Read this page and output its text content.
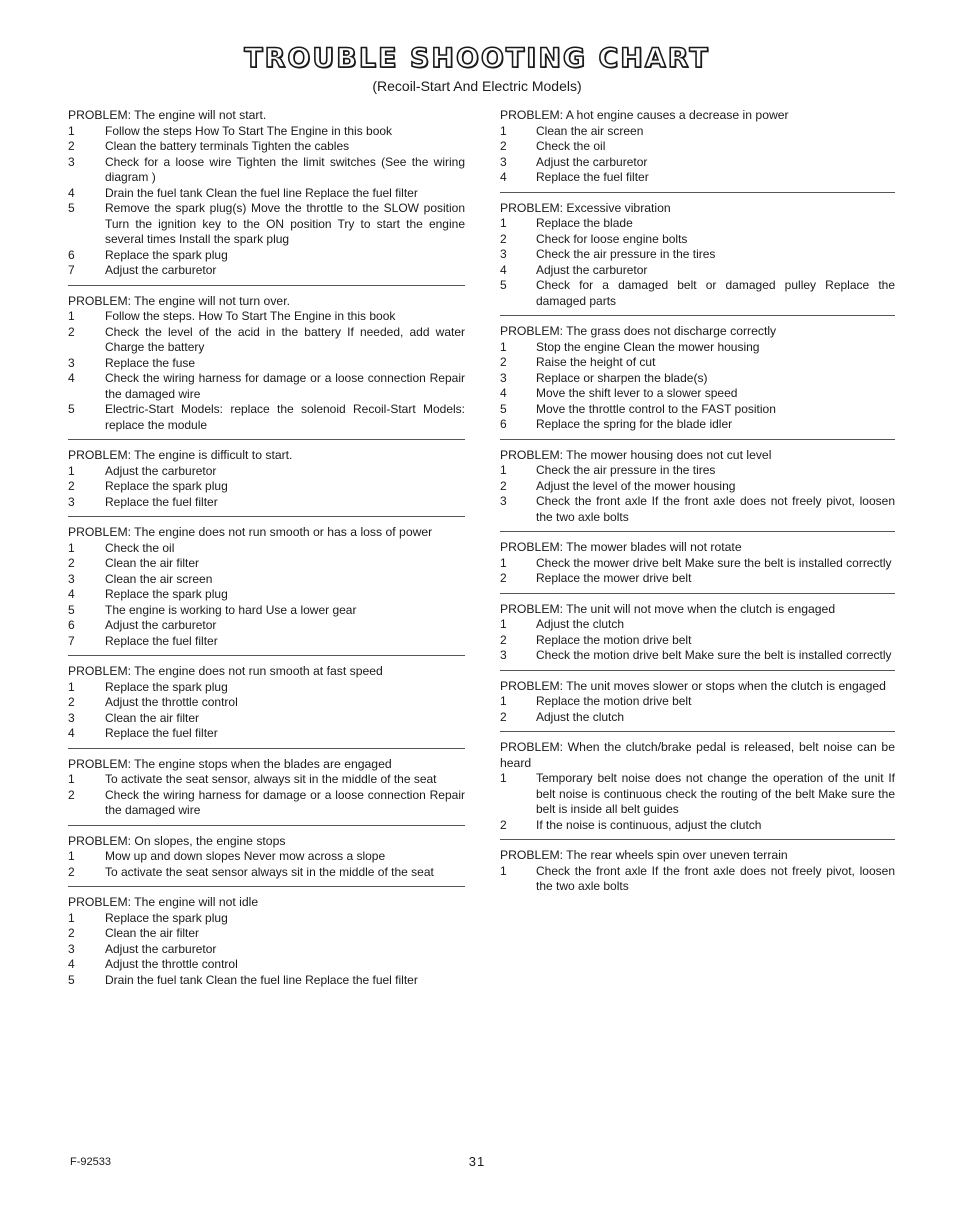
TROUBLE SHOOTING CHART
(Recoil-Start And Electric Models)
PROBLEM: The engine will not start.
1	Follow the steps How To Start The Engine in this book
2	Clean the battery terminals Tighten the cables
3	Check for a loose wire Tighten the limit switches (See the wiring diagram )
4	Drain the fuel tank Clean the fuel line Replace the fuel filter
5	Remove the spark plug(s) Move the throttle to the SLOW position Turn the ignition key to the ON position Try to start the engine several times Install the spark plug
6	Replace the spark plug
7	Adjust the carburetor
PROBLEM: The engine will not turn over.
1	Follow the steps. How To Start The Engine in this book
2	Check the level of the acid in the battery If needed, add water Charge the battery
3	Replace the fuse
4	Check the wiring harness for damage or a loose connection Repair the damaged wire
5	Electric-Start Models: replace the solenoid Recoil-Start Models: replace the module
PROBLEM: The engine is difficult to start.
1	Adjust the carburetor
2	Replace the spark plug
3	Replace the fuel filter
PROBLEM: The engine does not run smooth or has a loss of power
1	Check the oil
2	Clean the air filter
3	Clean the air screen
4	Replace the spark plug
5	The engine is working to hard Use a lower gear
6	Adjust the carburetor
7	Replace the fuel filter
PROBLEM: The engine does not run smooth at fast speed
1	Replace the spark plug
2	Adjust the throttle control
3	Clean the air filter
4	Replace the fuel filter
PROBLEM: The engine stops when the blades are engaged
1	To activate the seat sensor, always sit in the middle of the seat
2	Check the wiring harness for damage or a loose connection Repair the damaged wire
PROBLEM: On slopes, the engine stops
1	Mow up and down slopes Never mow across a slope
2	To activate the seat sensor always sit in the middle of the seat
PROBLEM: The engine will not idle
1	Replace the spark plug
2	Clean the air filter
3	Adjust the carburetor
4	Adjust the throttle control
5	Drain the fuel tank Clean the fuel line Replace the fuel filter
PROBLEM: A hot engine causes a decrease in power
1	Clean the air screen
2	Check the oil
3	Adjust the carburetor
4	Replace the fuel filter
PROBLEM: Excessive vibration
1	Replace the blade
2	Check for loose engine bolts
3	Check the air pressure in the tires
4	Adjust the carburetor
5	Check for a damaged belt or damaged pulley Replace the damaged parts
PROBLEM: The grass does not discharge correctly
1	Stop the engine Clean the mower housing
2	Raise the height of cut
3	Replace or sharpen the blade(s)
4	Move the shift lever to a slower speed
5	Move the throttle control to the FAST position
6	Replace the spring for the blade idler
PROBLEM: The mower housing does not cut level
1	Check the air pressure in the tires
2	Adjust the level of the mower housing
3	Check the front axle If the front axle does not freely pivot, loosen the two axle bolts
PROBLEM: The mower blades will not rotate
1	Check the mower drive belt Make sure the belt is installed correctly
2	Replace the mower drive belt
PROBLEM: The unit will not move when the clutch is engaged
1	Adjust the clutch
2	Replace the motion drive belt
3	Check the motion drive belt Make sure the belt is installed correctly
PROBLEM: The unit moves slower or stops when the clutch is engaged
1	Replace the motion drive belt
2	Adjust the clutch
PROBLEM: When the clutch/brake pedal is released, belt noise can be heard
1	Temporary belt noise does not change the operation of the unit If belt noise is continuous check the routing of the belt Make sure the belt is inside all belt guides
2	If the noise is continuous, adjust the clutch
PROBLEM: The rear wheels spin over uneven terrain
1	Check the front axle If the front axle does not freely pivot, loosen the two axle bolts
F-92533	31
